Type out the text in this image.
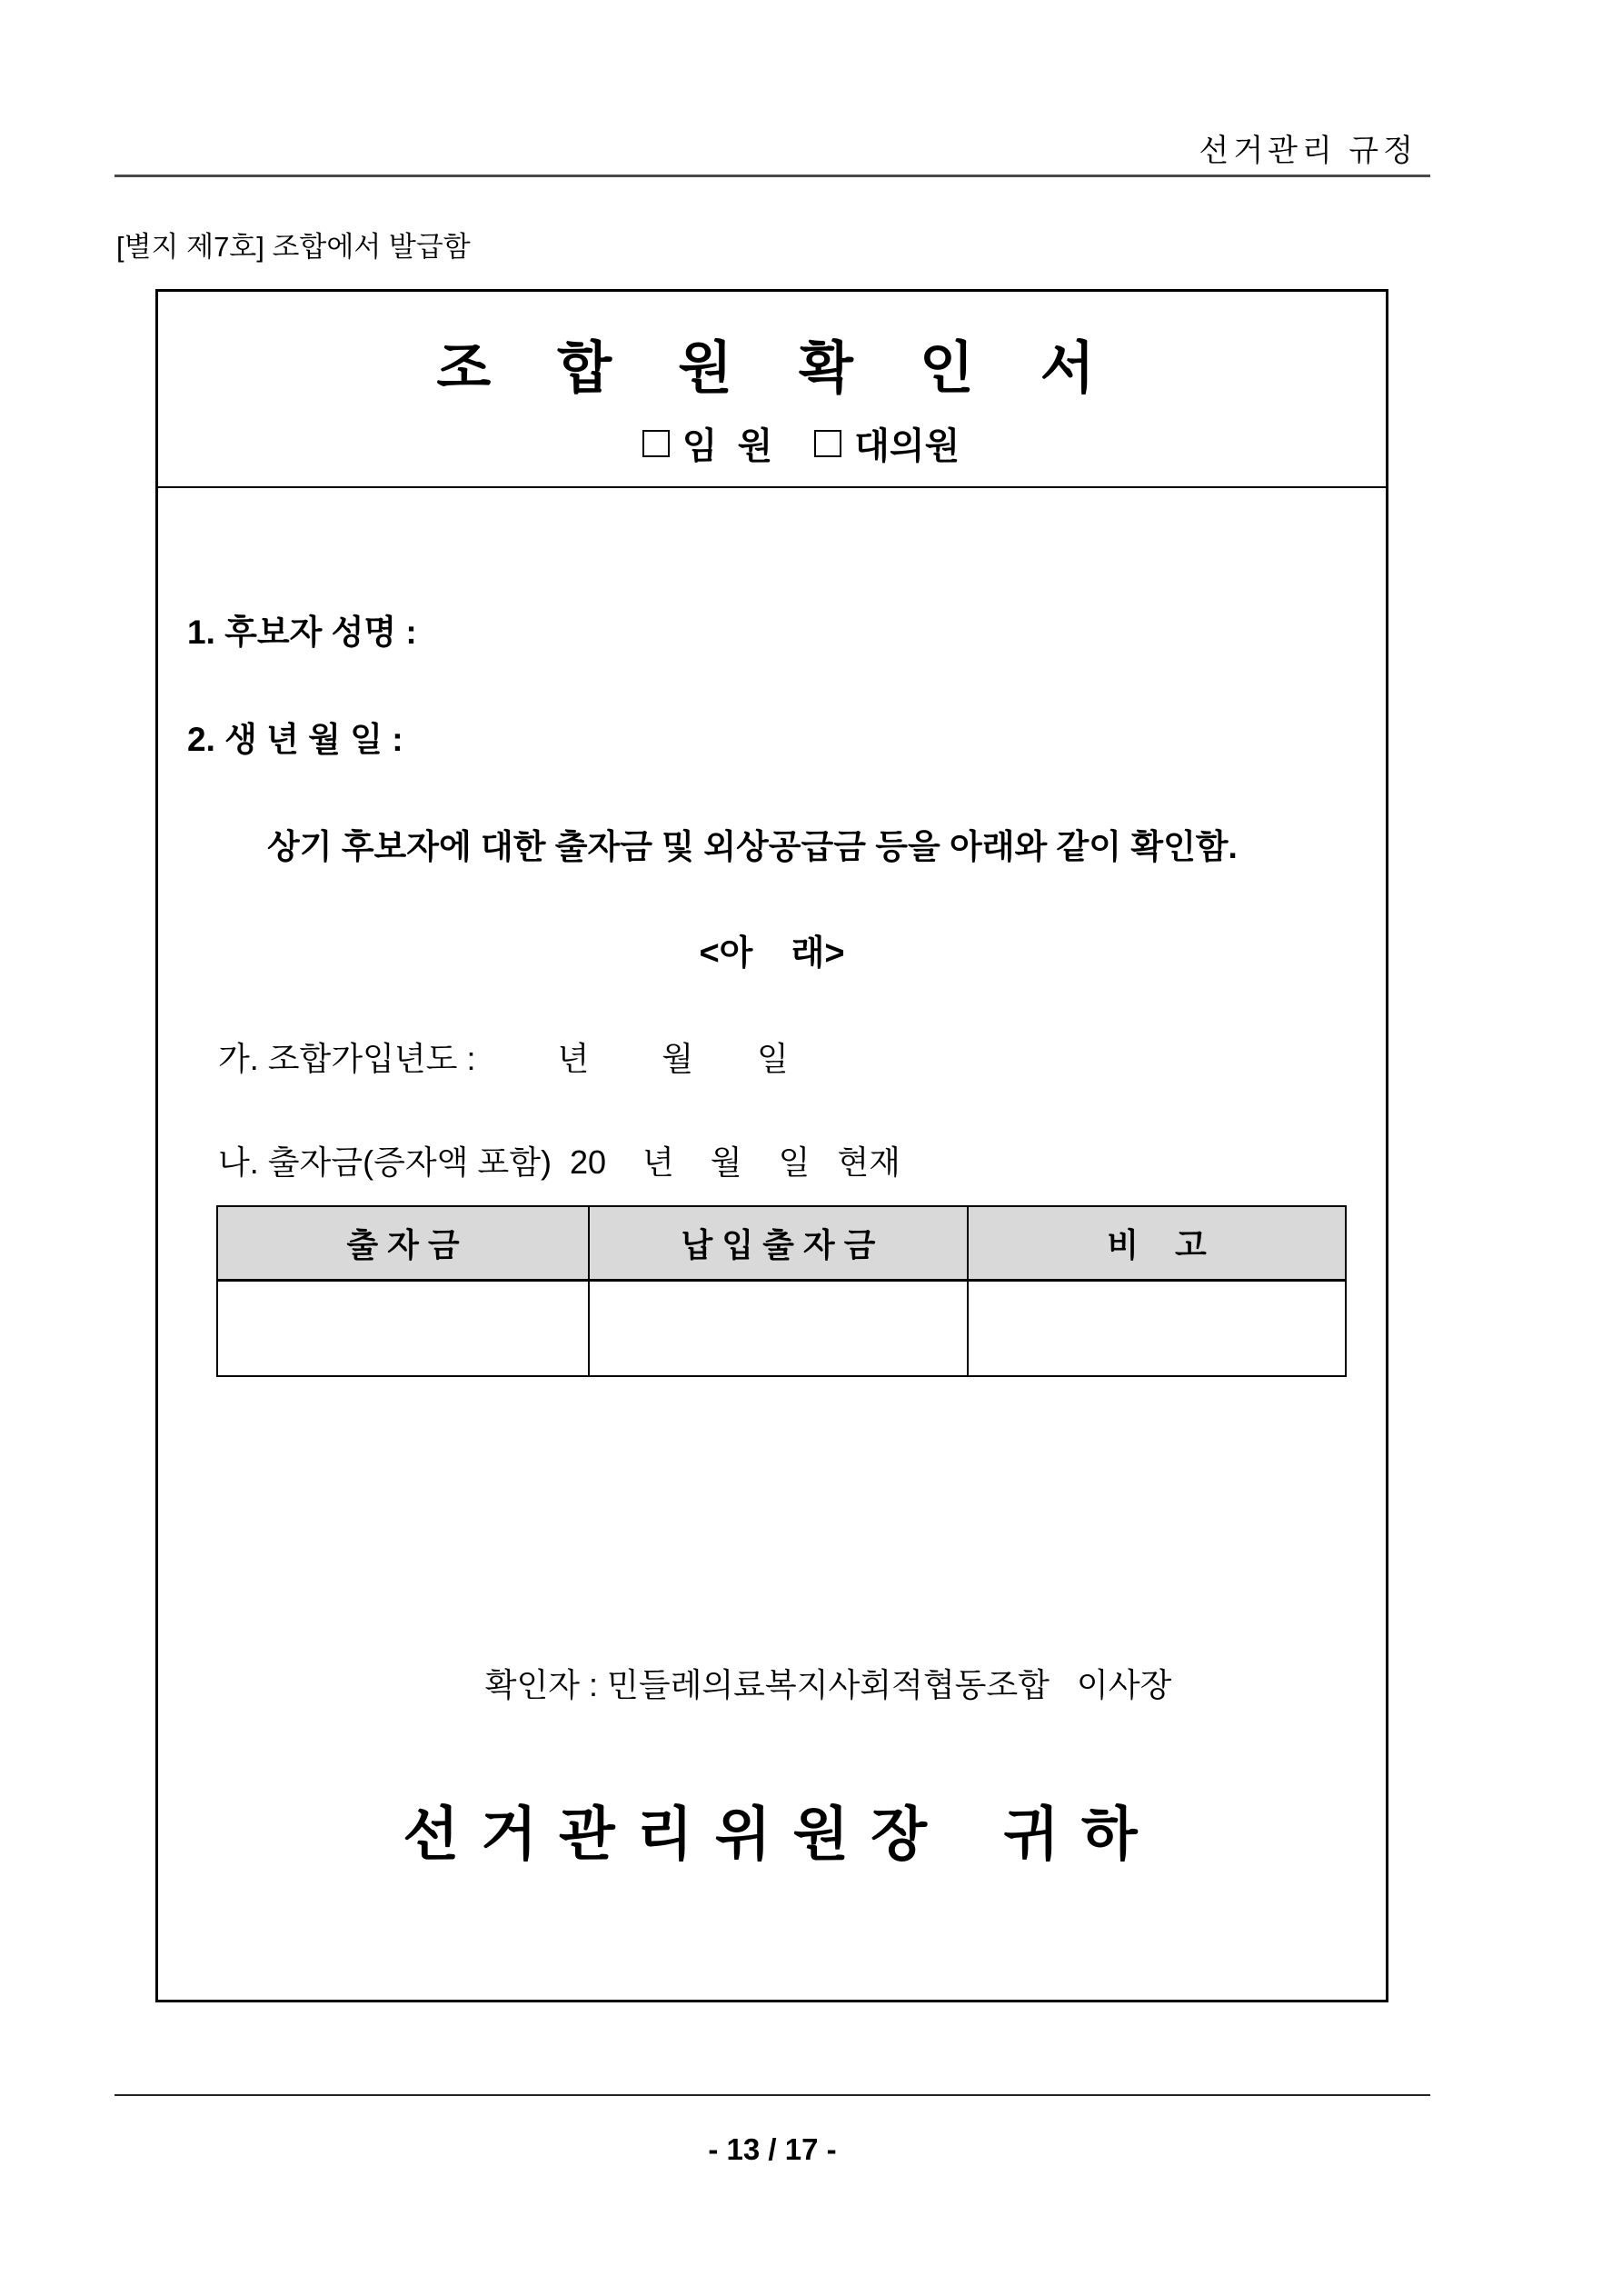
선거관리 규정
[별지 제7호] 조합에서 발급함
조  합  원  확  인  서
임  원 대의원
1. 후보자 성명 :
2. 생 년 월 일 :
상기 후보자에 대한 출자금 및 외상공급금 등을 아래와 같이 확인함.
<아    래>
가. 조합가입년도 :         년        월       일
나. 출자금(증자액 포함)  20    년    월    일   현재
출 자 금	납 입 출 자 금	비    고

확인자 : 민들레의료복지사회적협동조합   이사장
선 거 관 리 위 원 장    귀 하
- 13 / 17 -
